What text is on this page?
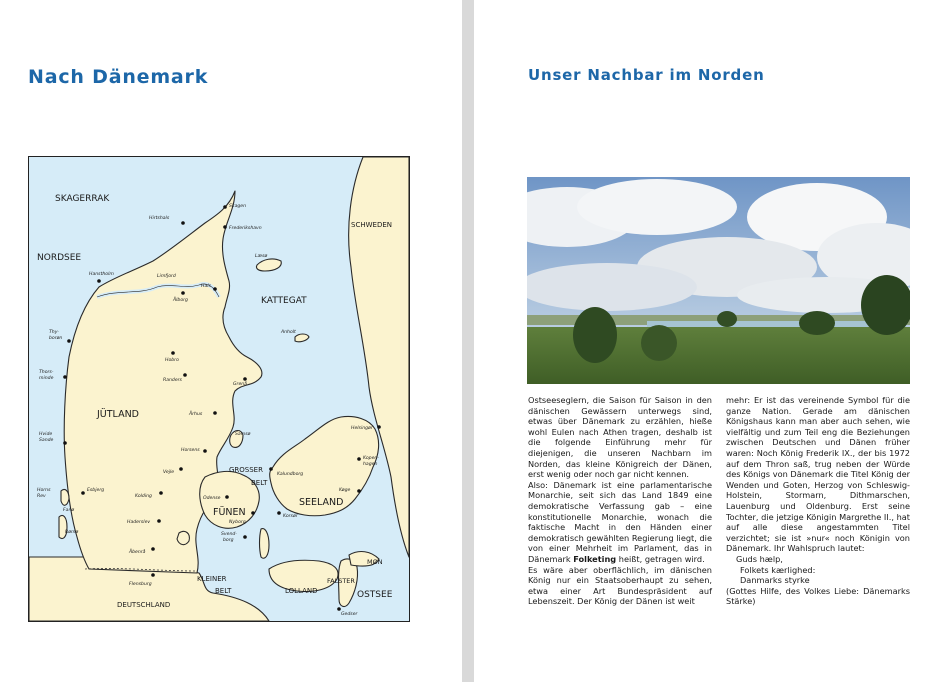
Nach Dänemark
SKAGERRAK
NORDSEE
KATTEGAT
OSTSEE
SCHWEDEN
JÜTLAND
FÜNEN
SEELAND
LOLLAND
FALSTER
MØN
GROSSER
BELT
KLEINER
BELT
DEUTSCHLAND
Skagen
Hirtshals
Frederikshavn
Læsø
Hanstholm	Limfjord
Ålborg
Hals
Thy-
borøn
Anholt
Hobro
Randers
Grenå
Thors-
minde
Århus
Samsø
Hvide
Sande
Horsens
Vejle	Kalundborg
Helsingør
Kopen-
hagen
Horns
Rev
Esbjerg
Kolding	Odense
Fanø
Haderslev	Nyborg
Korsør
Køge
Rømø	Svend-
borg
Åbenrå
Flensburg
Gedser
Unser Nachbar im Norden

Ostseeseglern, die Saison für Saison in den dänischen Gewässern unterwegs sind, etwas über Dänemark zu erzählen, hieße wohl Eulen nach Athen tragen, deshalb ist die folgende Einführung mehr für diejenigen, die unseren Nachbarn im Norden, das kleine Königreich der Dänen, erst wenig oder noch gar nicht kennen.

Also: Dänemark ist eine parlamentarische Monarchie, seit sich das Land 1849 eine demokratische Verfassung gab – eine konstitutionelle Monarchie, wonach die faktische Macht in den Händen einer demokratisch gewählten Regierung liegt, die von einer Mehrheit im Parlament, das in Dänemark Folketing heißt, getragen wird.

Es wäre aber oberflächlich, im dänischen König nur ein Staatsoberhaupt zu sehen, etwa einer Art Bundespräsident auf Lebenszeit. Der König der Dänen ist weit

mehr: Er ist das vereinende Symbol für die ganze Nation. Gerade am dänischen Königshaus kann man aber auch sehen, wie vielfältig und zum Teil eng die Beziehungen zwischen Deutschen und Dänen früher waren: Noch König Frederik IX., der bis 1972 auf dem Thron saß, trug neben der Würde des Königs von Dänemark die Titel König der Wenden und Goten, Herzog von Schleswig-Holstein, Stormarn, Dithmarschen, Lauenburg und Oldenburg. Erst seine Tochter, die jetzige Königin Margrethe II., hat auf alle diese angestammten Titel verzichtet; sie ist »nur« noch Königin von Dänemark. Ihr Wahlspruch lautet:

Guds hælp,

Folkets kærlighed:

Danmarks styrke

(Gottes Hilfe, des Volkes Liebe: Dänemarks Stärke)
